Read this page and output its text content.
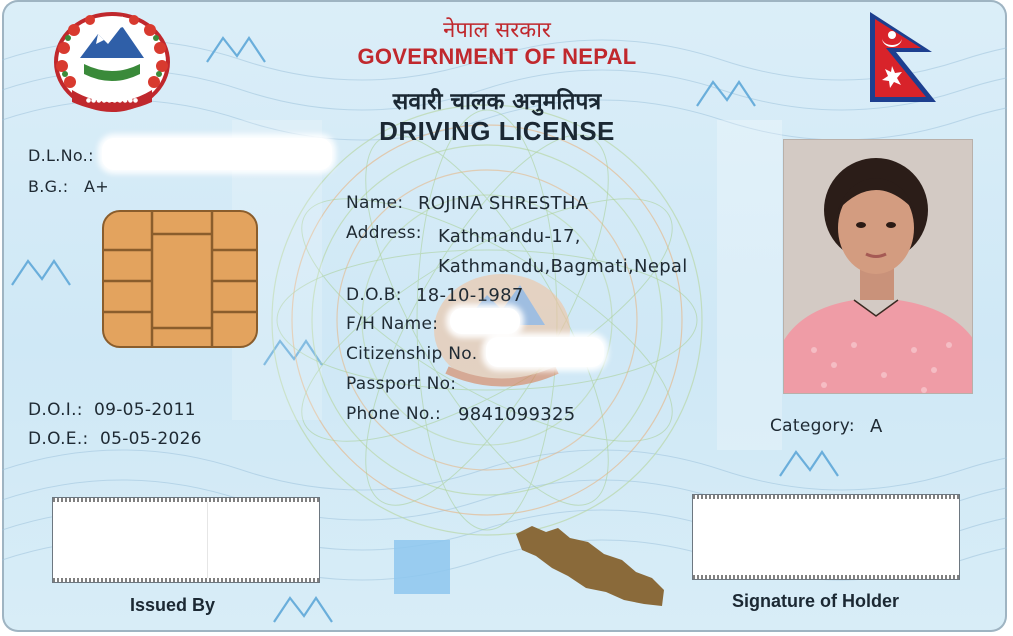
●●●●●●●●●●
नेपाल सरकार
GOVERNMENT OF NEPAL
सवारी चालक अनुमतिपत्र
DRIVING LICENSE
D.L.No.:
B.G.: A+
D.O.I.: 09-05-2011
D.O.E.: 05-05-2026
Name: ROJINA SHRESTHA
Address: Kathmandu-17,
Kathmandu,Bagmati,Nepal
D.O.B: 18-10-1987
F/H Name:
Citizenship No.
Passport No:
Phone No.: 9841099325
Category: A
Issued By	Signature of Holder
